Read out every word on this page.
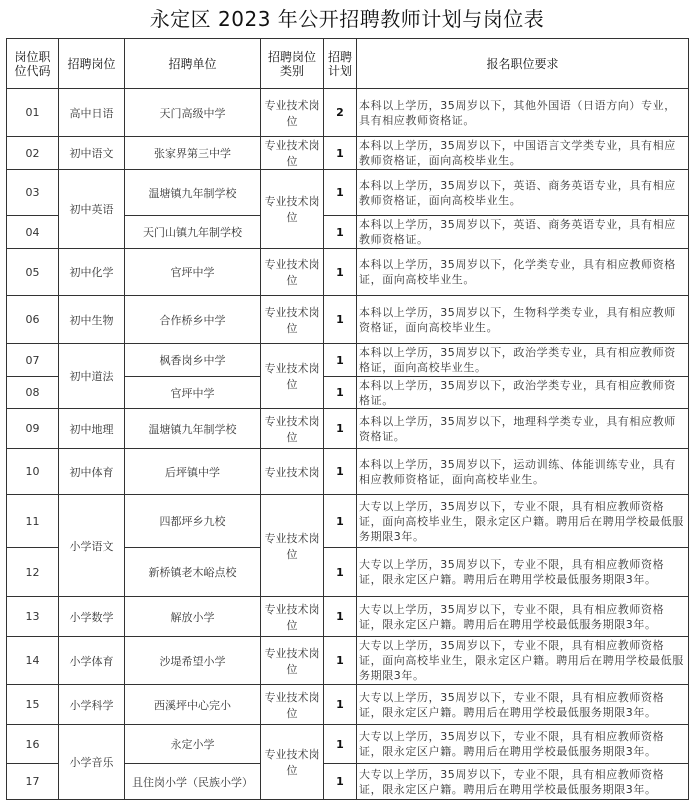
永定区 2023 年公开招聘教师计划与岗位表
岗位职位代码	招聘岗位	招聘单位	招聘岗位类别	招聘计划	报名职位要求
01	高中日语	天门高级中学	专业技术岗位	2	本科以上学历，35周岁以下，其他外国语（日语方向）专业，具有相应教师资格证。
02	初中语文	张家界第三中学	专业技术岗位	1	本科以上学历，35周岁以下，中国语言文学类专业，具有相应教师资格证，面向高校毕业生。
03	初中英语	温塘镇九年制学校	专业技术岗位	1	本科以上学历，35周岁以下，英语、商务英语专业，具有相应教师资格证，面向高校毕业生。
04		天门山镇九年制学校		1	本科以上学历，35周岁以下，英语、商务英语专业，具有相应教师资格证。
05	初中化学	官坪中学	专业技术岗位	1	本科以上学历，35周岁以下，化学类专业，具有相应教师资格证，面向高校毕业生。
06	初中生物	合作桥乡中学	专业技术岗位	1	本科以上学历，35周岁以下，生物科学类专业，具有相应教师资格证，面向高校毕业生。
07	初中道法	枫香岗乡中学	专业技术岗位	1	本科以上学历，35周岁以下，政治学类专业，具有相应教师资格证，面向高校毕业生。
08		官坪中学		1	本科以上学历，35周岁以下，政治学类专业，具有相应教师资格证。
09	初中地理	温塘镇九年制学校	专业技术岗位	1	本科以上学历，35周岁以下，地理科学类专业，具有相应教师资格证。
10	初中体育	后坪镇中学	专业技术岗	1	本科以上学历，35周岁以下，运动训练、体能训练专业，具有相应教师资格证，面向高校毕业生。
11	小学语文	四都坪乡九校	专业技术岗位	1	大专以上学历，35周岁以下，专业不限，具有相应教师资格证，面向高校毕业生，限永定区户籍。聘用后在聘用学校最低服务期限3年。
12		新桥镇老木峪点校		1	大专以上学历，35周岁以下，专业不限，具有相应教师资格证，限永定区户籍。聘用后在聘用学校最低服务期限3年。
13	小学数学	解放小学	专业技术岗位	1	大专以上学历，35周岁以下，专业不限，具有相应教师资格证，限永定区户籍。聘用后在聘用学校最低服务期限3年。
14	小学体育	沙堤希望小学	专业技术岗位	1	大专以上学历，35周岁以下，专业不限，具有相应教师资格证，面向高校毕业生，限永定区户籍。聘用后在聘用学校最低服务期限3年。
15	小学科学	西溪坪中心完小	专业技术岗位	1	大专以上学历，35周岁以下，专业不限，具有相应教师资格证，限永定区户籍。聘用后在聘用学校最低服务期限3年。
16	小学音乐	永定小学	专业技术岗位	1	大专以上学历，35周岁以下，专业不限，具有相应教师资格证，限永定区户籍。聘用后在聘用学校最低服务期限3年。
17		且住岗小学（民族小学）		1	大专以上学历，35周岁以下，专业不限，具有相应教师资格证，限永定区户籍。聘用后在聘用学校最低服务期限3年。
